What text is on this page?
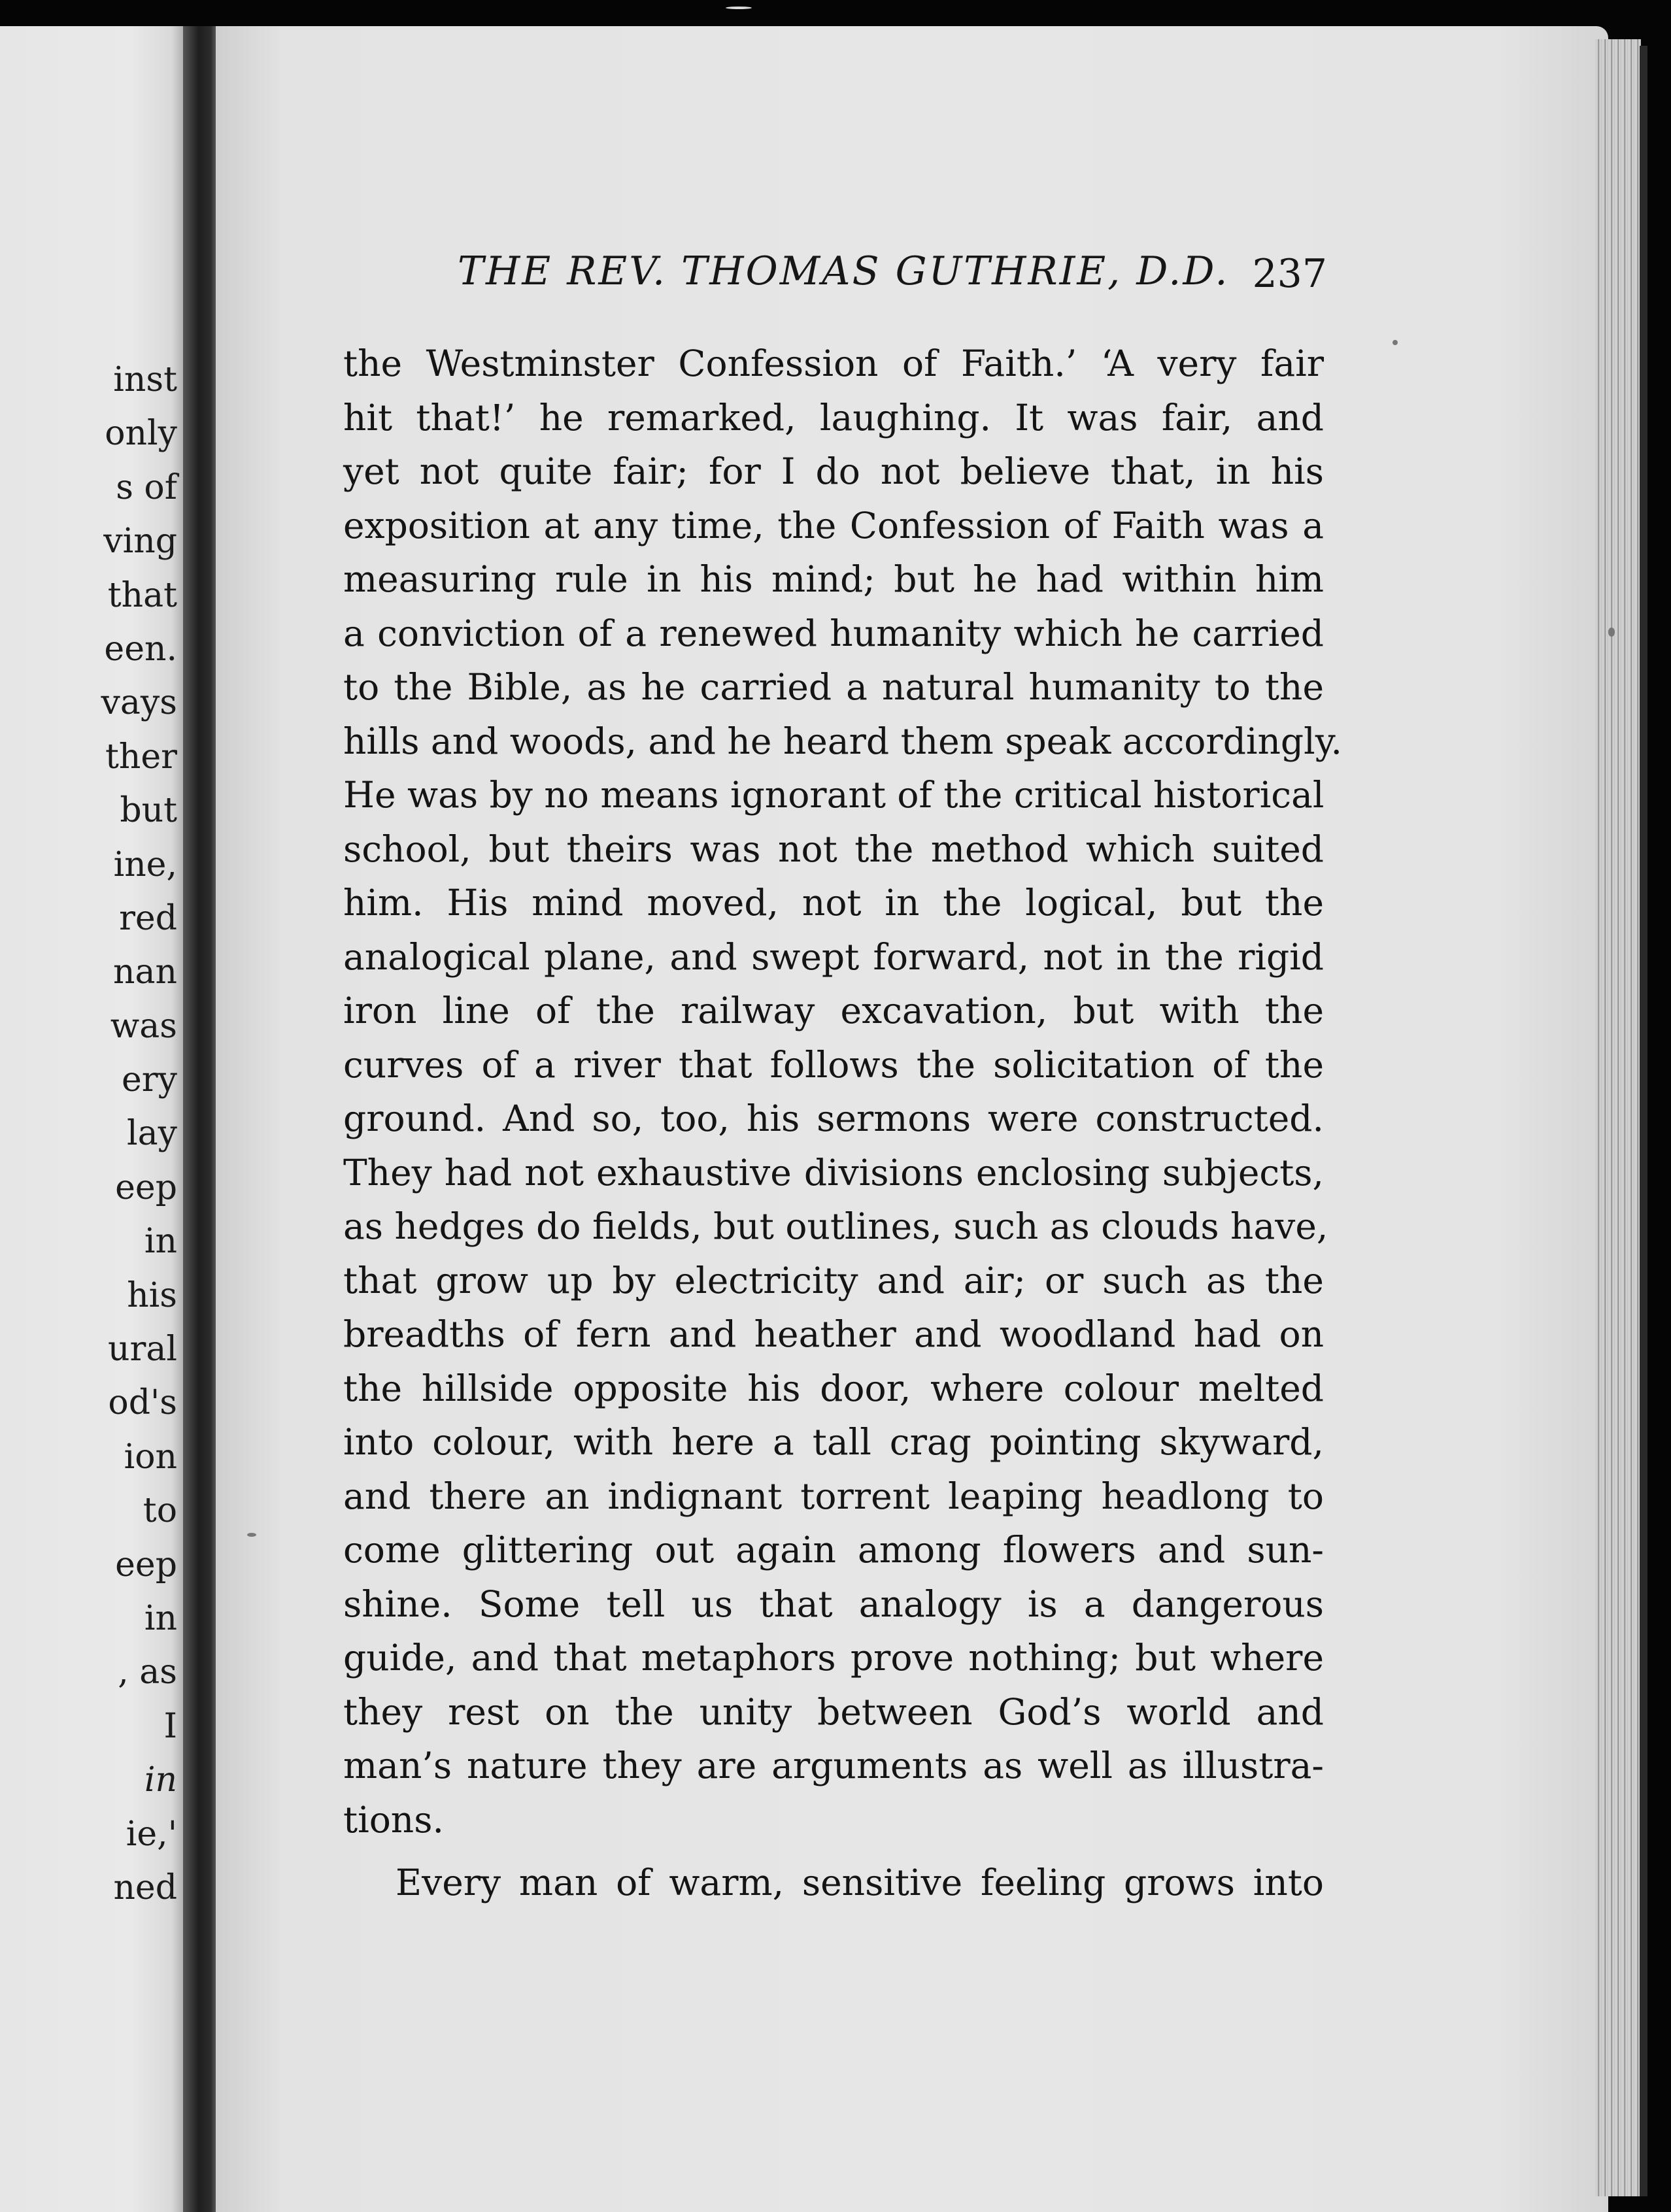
inst
only
s of
ving
that
een.
vays
ther
but
ine,
red
nan
was
ery
lay
eep
in
his
ural
od's
ion
to
eep
in
, as
I
in
ie,'
ned
THE REV. THOMAS GUTHRIE, D.D. 237
the Westminster Confession of Faith.’ ‘A very fair
hit that!’ he remarked, laughing. It was fair, and
yet not quite fair; for I do not believe that, in his
exposition at any time, the Confession of Faith was a
measuring rule in his mind; but he had within him
a conviction of a renewed humanity which he carried
to the Bible, as he carried a natural humanity to the
hills and woods, and he heard them speak accordingly.
He was by no means ignorant of the critical historical
school, but theirs was not the method which suited
him. His mind moved, not in the logical, but the
analogical plane, and swept forward, not in the rigid
iron line of the railway excavation, but with the
curves of a river that follows the solicitation of the
ground. And so, too, his sermons were constructed.
They had not exhaustive divisions enclosing subjects,
as hedges do fields, but outlines, such as clouds have,
that grow up by electricity and air; or such as the
breadths of fern and heather and woodland had on
the hillside opposite his door, where colour melted
into colour, with here a tall crag pointing skyward,
and there an indignant torrent leaping headlong to
come glittering out again among flowers and sun-
shine. Some tell us that analogy is a dangerous
guide, and that metaphors prove nothing; but where
they rest on the unity between God’s world and
man’s nature they are arguments as well as illustra-
tions.
Every man of warm, sensitive feeling grows into
